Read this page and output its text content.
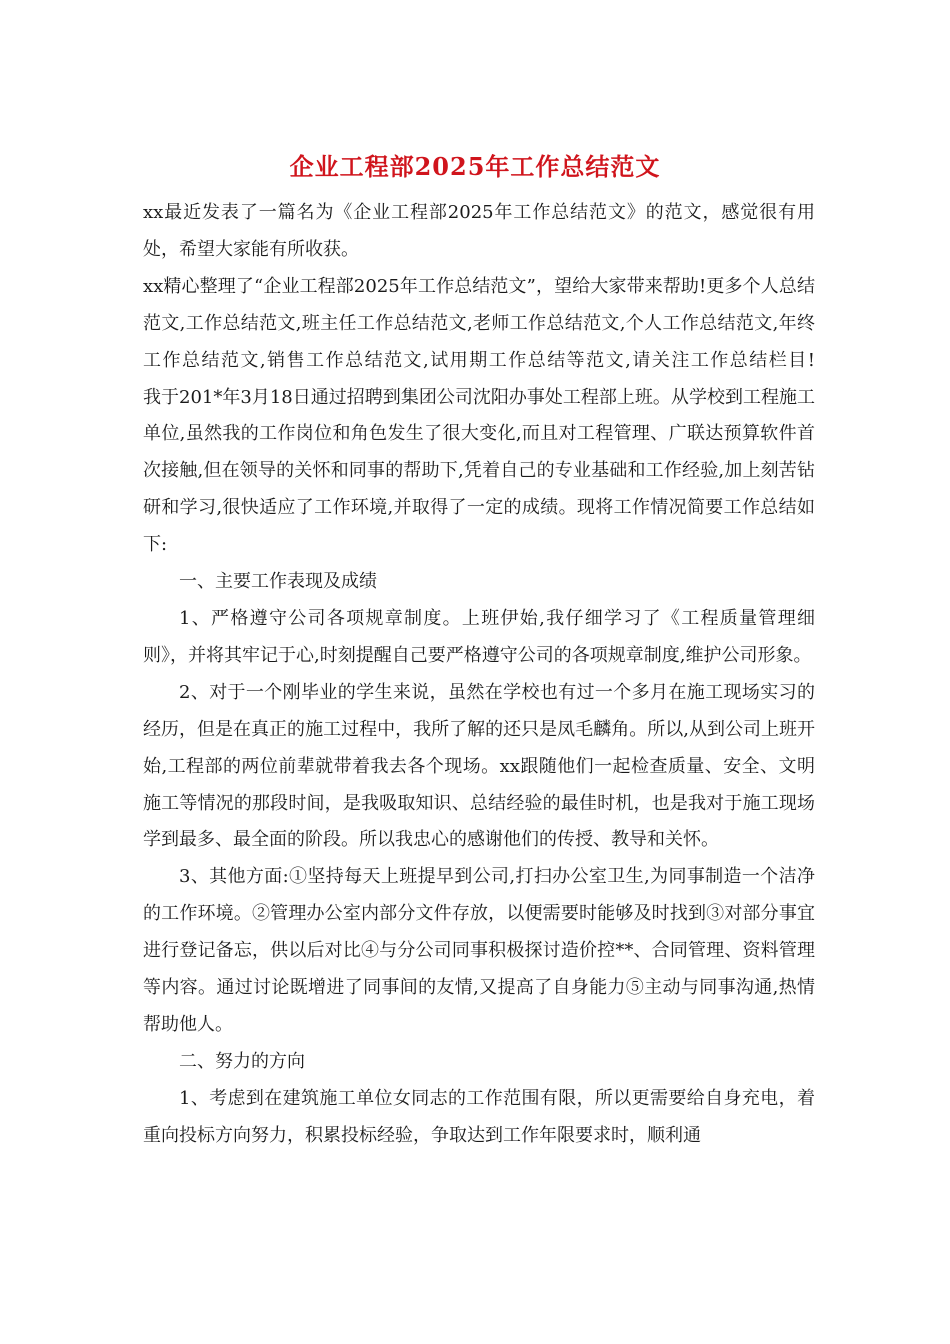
企业工程部2025年工作总结范文

xx最近发表了一篇名为《企业工程部2025年工作总结范文》的范文，感觉很有用处，希望大家能有所收获。

xx精心整理了“企业工程部2025年工作总结范文”，望给大家带来帮助!更多个人总结范文,工作总结范文,班主任工作总结范文,老师工作总结范文,个人工作总结范文,年终工作总结范文,销售工作总结范文,试用期工作总结等范文,请关注工作总结栏目!　　我于201*年3月18日通过招聘到集团公司沈阳办事处工程部上班。从学校到工程施工单位,虽然我的工作岗位和角色发生了很大变化,而且对工程管理、广联达预算软件首次接触,但在领导的关怀和同事的帮助下,凭着自己的专业基础和工作经验,加上刻苦钻研和学习,很快适应了工作环境,并取得了一定的成绩。现将工作情况简要工作总结如下:

一、主要工作表现及成绩

1、严格遵守公司各项规章制度。上班伊始,我仔细学习了《工程质量管理细则》，并将其牢记于心,时刻提醒自己要严格遵守公司的各项规章制度,维护公司形象。

2、对于一个刚毕业的学生来说，虽然在学校也有过一个多月在施工现场实习的经历，但是在真正的施工过程中，我所了解的还只是凤毛麟角。所以,从到公司上班开始,工程部的两位前辈就带着我去各个现场。xx跟随他们一起检查质量、安全、文明施工等情况的那段时间，是我吸取知识、总结经验的最佳时机，也是我对于施工现场学到最多、最全面的阶段。所以我忠心的感谢他们的传授、教导和关怀。

3、其他方面:①坚持每天上班提早到公司,打扫办公室卫生,为同事制造一个洁净的工作环境。②管理办公室内部分文件存放，以便需要时能够及时找到③对部分事宜进行登记备忘，供以后对比④与分公司同事积极探讨造价控**、合同管理、资料管理等内容。通过讨论既增进了同事间的友情,又提高了自身能力⑤主动与同事沟通,热情帮助他人。

二、努力的方向

1、考虑到在建筑施工单位女同志的工作范围有限，所以更需要给自身充电，着重向投标方向努力，积累投标经验，争取达到工作年限要求时，顺利通
